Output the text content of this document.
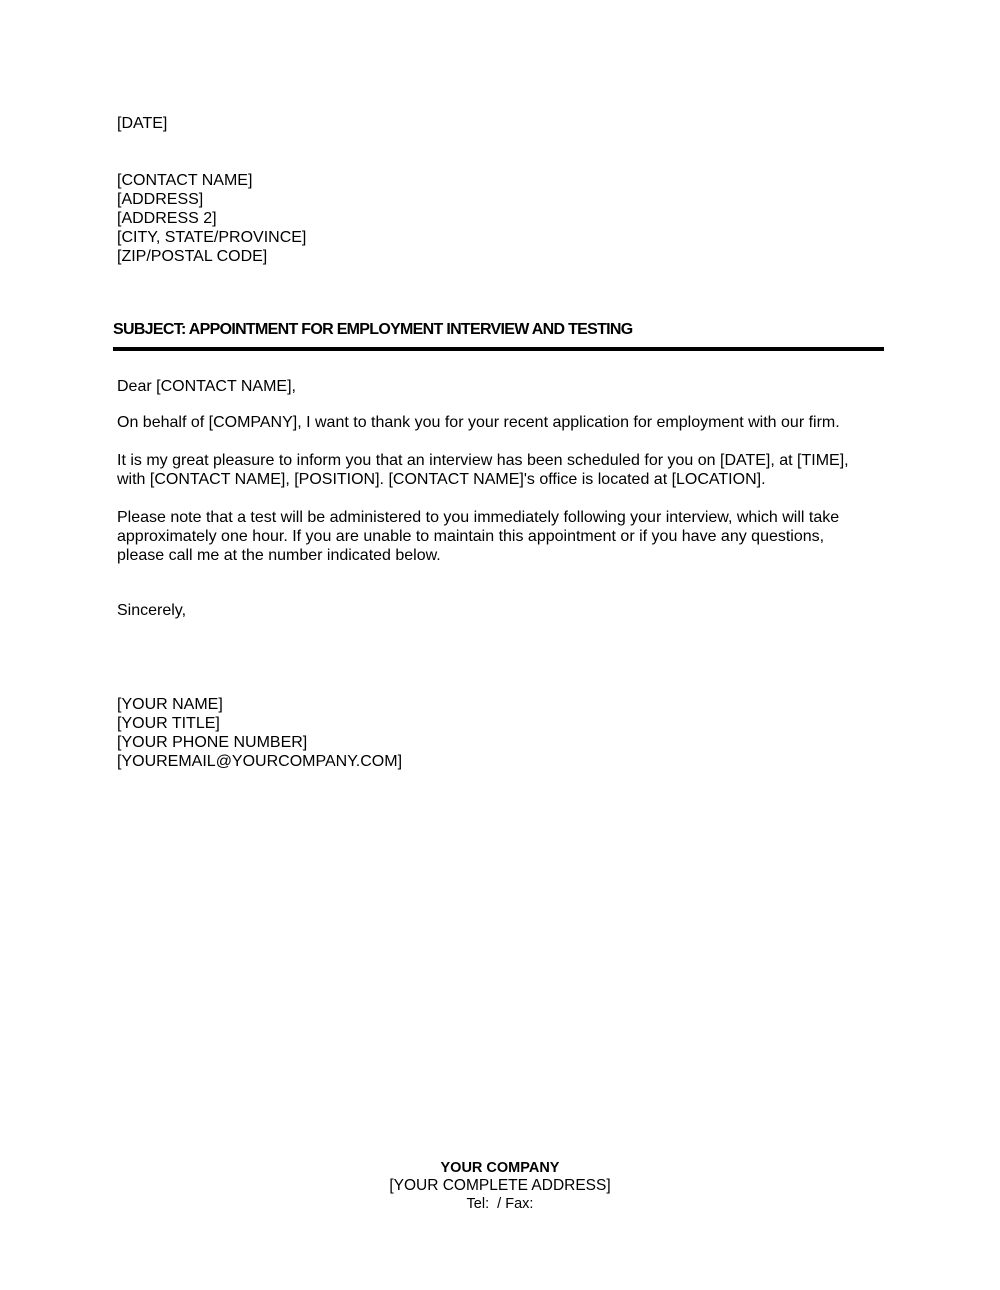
[DATE]
[CONTACT NAME]
[ADDRESS]
[ADDRESS 2]
[CITY, STATE/PROVINCE]
[ZIP/POSTAL CODE]
SUBJECT: APPOINTMENT FOR EMPLOYMENT INTERVIEW AND TESTING
Dear [CONTACT NAME],
On behalf of [COMPANY], I want to thank you for your recent application for employment with our firm.
It is my great pleasure to inform you that an interview has been scheduled for you on [DATE], at [TIME],
with [CONTACT NAME], [POSITION]. [CONTACT NAME]'s office is located at [LOCATION].
Please note that a test will be administered to you immediately following your interview, which will take
approximately one hour. If you are unable to maintain this appointment or if you have any questions,
please call me at the number indicated below.
Sincerely,
[YOUR NAME]
[YOUR TITLE]
[YOUR PHONE NUMBER]
[YOUREMAIL@YOURCOMPANY.COM]
YOUR COMPANY
[YOUR COMPLETE ADDRESS]
Tel:  / Fax:
